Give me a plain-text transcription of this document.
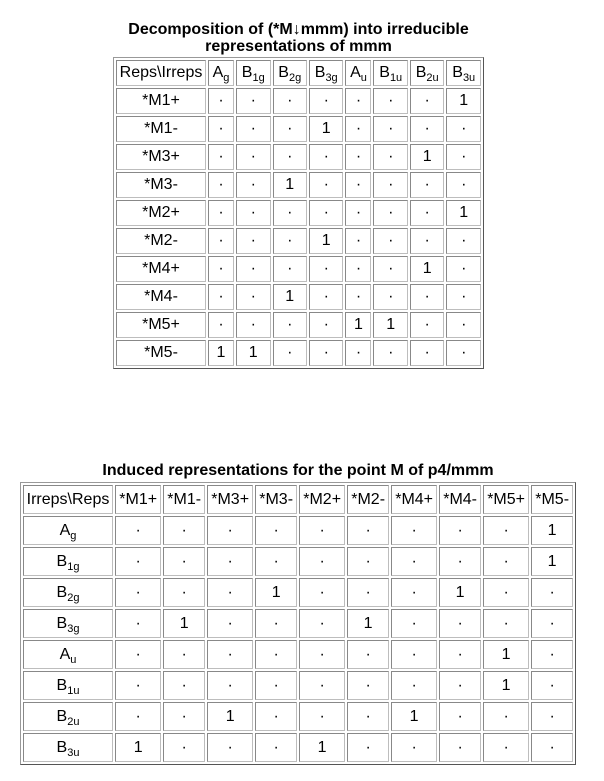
Decomposition of (*M↓mmm) into irreducible
representations of mmm
Reps\Irreps	$A_g$	$B_{1g}$	$B_{2g}$	$B_{3g}$	$A_u$	$B_{1u}$	$B_{2u}$	$B_{3u}$
*M1+	·	·	·	·	·	·	·	1
*M1-	·	·	·	1	·	·	·	·
*M3+	·	·	·	·	·	·	1	·
*M3-	·	·	1	·	·	·	·	·
*M2+	·	·	·	·	·	·	·	1
*M2-	·	·	·	1	·	·	·	·
*M4+	·	·	·	·	·	·	1	·
*M4-	·	·	1	·	·	·	·	·
*M5+	·	·	·	·	1	1	·	·
*M5-	1	1	·	·	·	·	·	·
Induced representations for the point M of p4/mmm
Irreps\Reps	*M1+	*M1-	*M3+	*M3-	*M2+	*M2-	*M4+	*M4-	*M5+	*M5-
$A_g$	·	·	·	·	·	·	·	·	·	1
$B_{1g}$	·	·	·	·	·	·	·	·	·	1
$B_{2g}$	·	·	·	1	·	·	·	1	·	·
$B_{3g}$	·	1	·	·	·	1	·	·	·	·
$A_u$	·	·	·	·	·	·	·	·	1	·
$B_{1u}$	·	·	·	·	·	·	·	·	1	·
$B_{2u}$	·	·	1	·	·	·	1	·	·	·
$B_{3u}$	1	·	·	·	1	·	·	·	·	·
